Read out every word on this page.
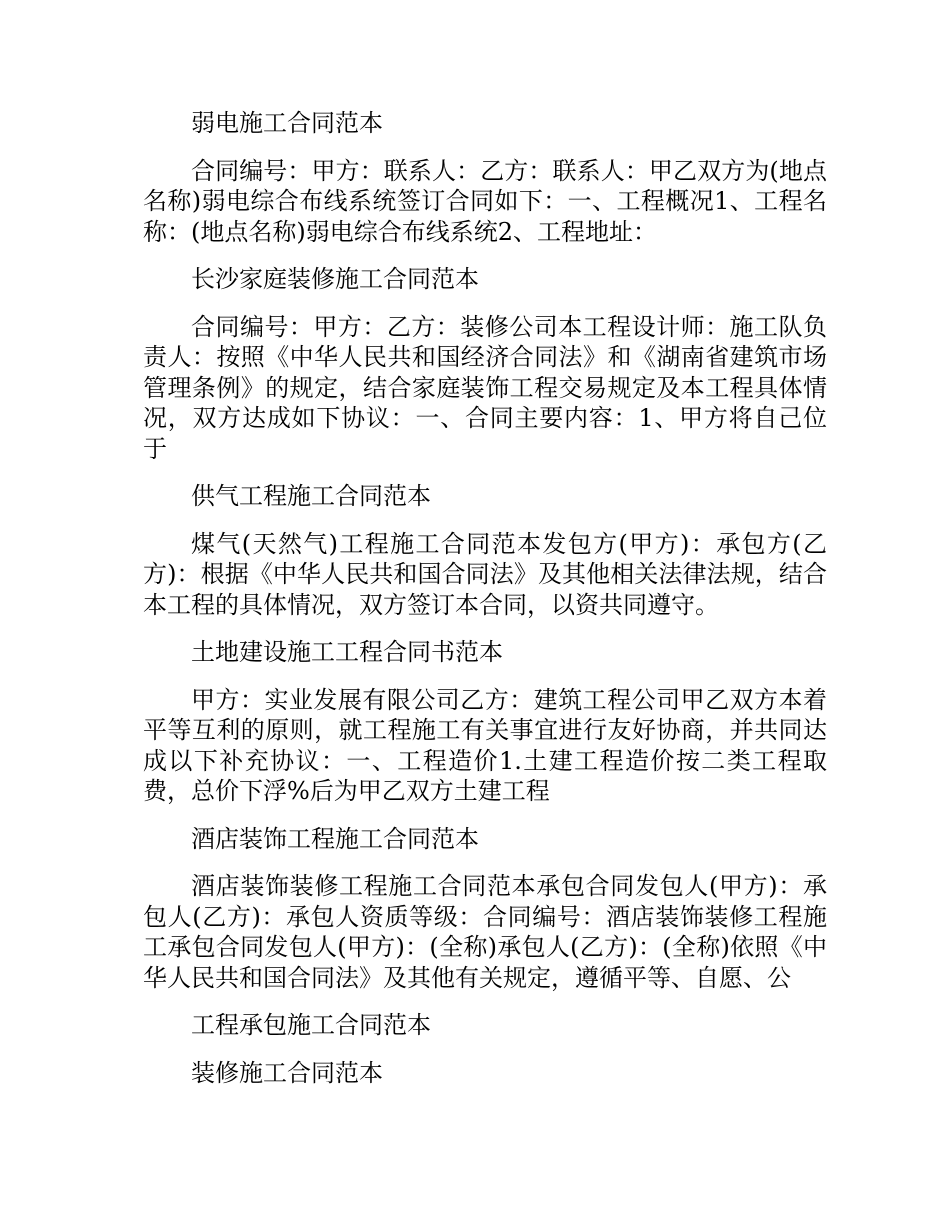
弱电施工合同范本

合同编号：甲方：联系人：乙方：联系人：甲乙双方为(地点名称)弱电综合布线系统签订合同如下：一、工程概况1、工程名称：(地点名称)弱电综合布线系统2、工程地址：

长沙家庭装修施工合同范本

合同编号：甲方：乙方：装修公司本工程设计师：施工队负责人：按照《中华人民共和国经济合同法》和《湖南省建筑市场管理条例》的规定，结合家庭装饰工程交易规定及本工程具体情况，双方达成如下协议：一、合同主要内容：1、甲方将自己位于

供气工程施工合同范本

煤气(天然气)工程施工合同范本发包方(甲方)：承包方(乙方)：根据《中华人民共和国合同法》及其他相关法律法规，结合本工程的具体情况，双方签订本合同，以资共同遵守。

土地建设施工工程合同书范本

甲方：实业发展有限公司乙方：建筑工程公司甲乙双方本着平等互利的原则，就工程施工有关事宜进行友好协商，并共同达成以下补充协议：一、工程造价1.土建工程造价按二类工程取费，总价下浮%后为甲乙双方土建工程

酒店装饰工程施工合同范本

酒店装饰装修工程施工合同范本承包合同发包人(甲方)：承包人(乙方)：承包人资质等级：合同编号：酒店装饰装修工程施工承包合同发包人(甲方)：(全称)承包人(乙方)：(全称)依照《中华人民共和国合同法》及其他有关规定，遵循平等、自愿、公

工程承包施工合同范本

装修施工合同范本
